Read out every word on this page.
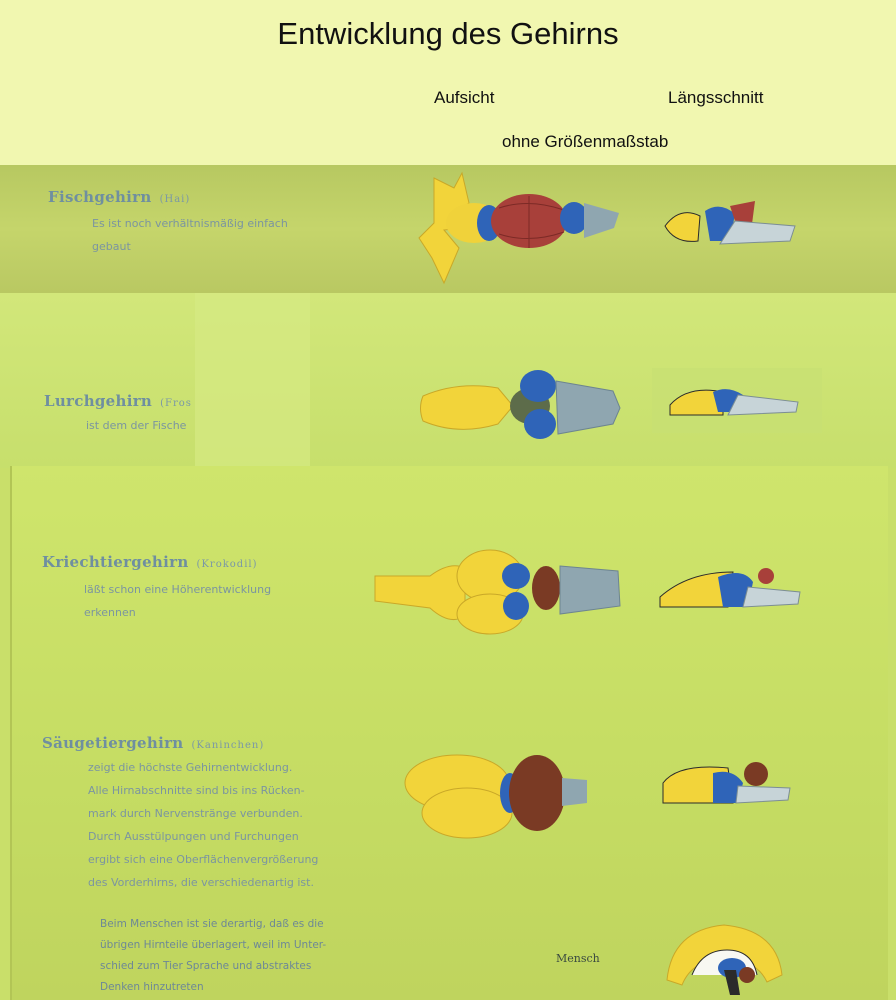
Entwicklung des Gehirns
Aufsicht	Längsschnitt
ohne Größenmaßstab
Fischgehirn (Hai)
Es ist noch verhältnismäßig einfach
gebaut
Lurchgehirn (Fros
ist dem der Fische
Kriechtiergehirn (Krokodil)
läßt schon eine Höherentwicklung
erkennen
Säugetiergehirn (Kaninchen)
zeigt die höchste Gehirnentwicklung.
Alle Hirnabschnitte sind bis ins Rücken-
mark durch Nervenstränge verbunden.
Durch Ausstülpungen und Furchungen
ergibt sich eine Oberflächenvergrößerung
des Vorderhirns, die verschiedenartig ist.
Beim Menschen ist sie derartig, daß es die
übrigen Hirnteile überlagert, weil im Unter-
schied zum Tier Sprache und abstraktes
Denken hinzutreten
Mensch
